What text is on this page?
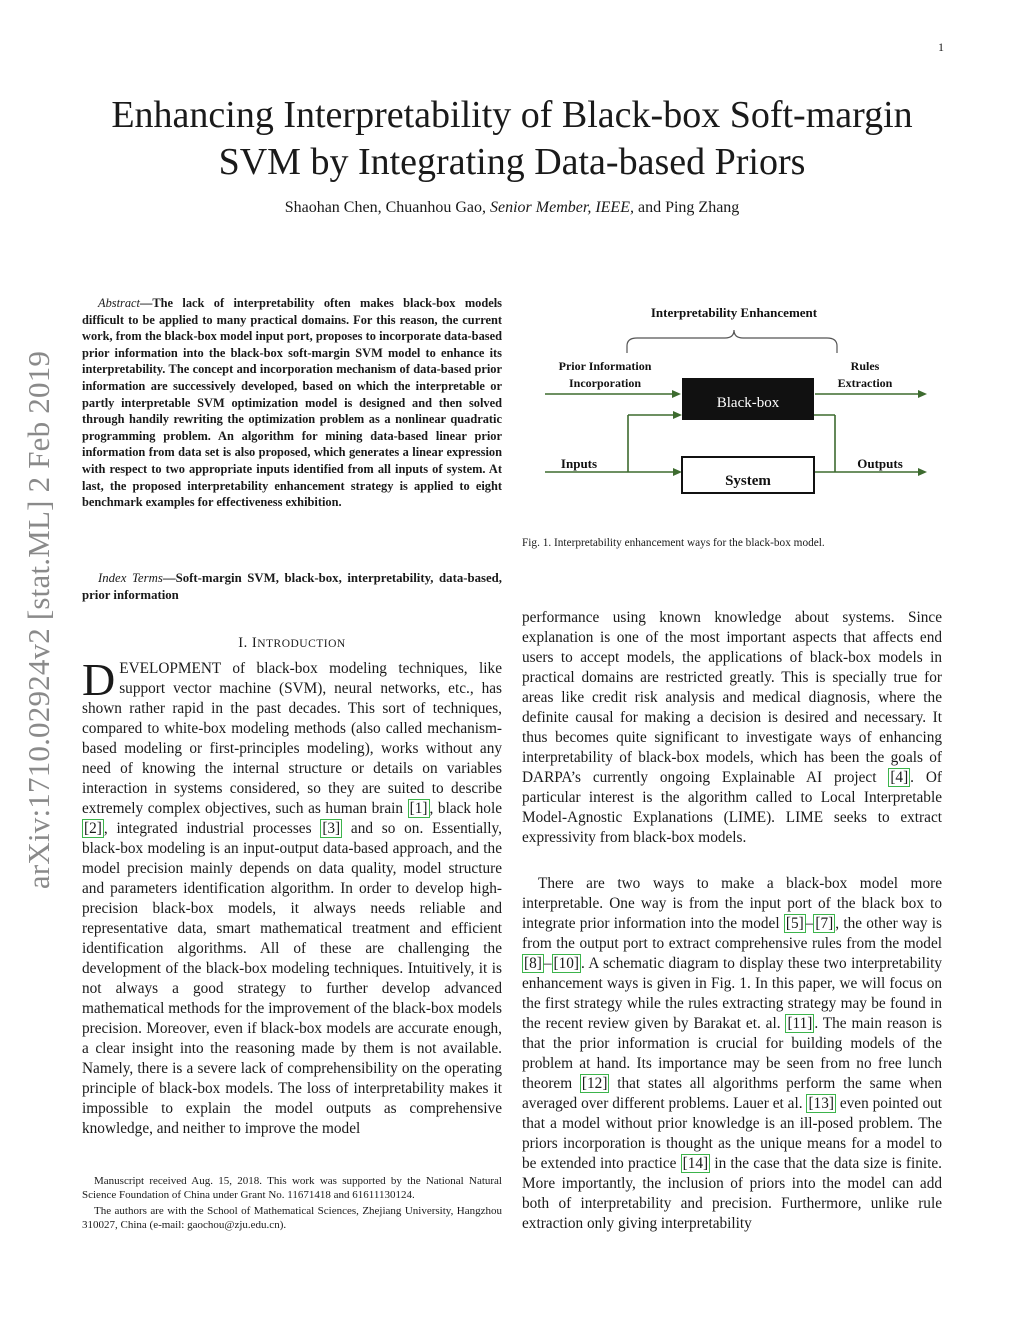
1
arXiv:1710.02924v2 [stat.ML] 2 Feb 2019
Enhancing Interpretability of Black-box Soft-margin
SVM by Integrating Data-based Priors
Shaohan Chen, Chuanhou Gao, Senior Member, IEEE, and Ping Zhang

Abstract—The lack of interpretability often makes black-box models difficult to be applied to many practical domains. For this reason, the current work, from the black-box model input port, proposes to incorporate data-based prior information into the black-box soft-margin SVM model to enhance its interpretability. The concept and incorporation mechanism of data-based prior information are successively developed, based on which the interpretable or partly interpretable SVM optimization model is designed and then solved through handily rewriting the optimization problem as a nonlinear quadratic programming problem. An algorithm for mining data-based linear prior information from data set is also proposed, which generates a linear expression with respect to two appropriate inputs identified from all inputs of system. At last, the proposed interpretability enhancement strategy is applied to eight benchmark examples for effectiveness exhibition.

Index Terms—Soft-margin SVM, black-box, interpretability, data-based, prior information

I. INTRODUCTION
DEVELOPMENT of black-box modeling techniques, like support vector machine (SVM), neural networks, etc., has shown rather rapid in the past decades. This sort of techniques, compared to white-box modeling methods (also called mechanism-based modeling or first-principles modeling), works without any need of knowing the internal structure or details on variables interaction in systems considered, so they are suited to describe extremely complex objectives, such as human brain [1] , black hole [2] , integrated industrial processes [3] and so on. Essentially, black-box modeling is an input-output data-based approach, and the model precision mainly depends on data quality, model structure and parameters identification algorithm. In order to develop high-precision black-box models, it always needs reliable and representative data, smart mathematical treatment and efficient identification algorithms. All of these are challenging the development of the black-box modeling techniques. Intuitively, it is not always a good strategy to further develop advanced mathematical methods for the improvement of the black-box models precision. Moreover, even if black-box models are accurate enough, a clear insight into the reasoning made by them is not available. Namely, there is a severe lack of comprehensibility on the operating principle of black-box models. The loss of interpretability makes it impossible to explain the model outputs as comprehensive knowledge, and neither to improve the model

Manuscript received Aug. 15, 2018. This work was supported by the National Natural Science Foundation of China under Grant No. 11671418 and 61611130124.

The authors are with the School of Mathematical Sciences, Zhejiang University, Hangzhou 310027, China (e-mail: gaochou@zju.edu.cn).

Interpretability Enhancement
Prior Information
Incorporation
Rules
Extraction
Black-box
System
Inputs	Outputs
Fig. 1. Interpretability enhancement ways for the black-box model.
performance using known knowledge about systems. Since explanation is one of the most important aspects that affects end users to accept models, the applications of black-box models in practical domains are restricted greatly. This is specially true for areas like credit risk analysis and medical diagnosis, where the definite causal for making a decision is desired and necessary. It thus becomes quite significant to investigate ways of enhancing interpretability of black-box models, which has been the goals of DARPA’s currently ongoing Explainable AI project [4] . Of particular interest is the algorithm called to Local Interpretable Model-Agnostic Explanations (LIME). LIME seeks to extract expressivity from black-box models.

There are two ways to make a black-box model more interpretable. One way is from the input port of the black box to integrate prior information into the model [5] – [7] , the other way is from the output port to extract comprehensive rules from the model [8] – [10] . A schematic diagram to display these two interpretability enhancement ways is given in Fig. 1. In this paper, we will focus on the first strategy while the rules extracting strategy may be found in the recent review given by Barakat et. al. [11] . The main reason is that the prior information is crucial for building models of the problem at hand. Its importance may be seen from no free lunch theorem [12] that states all algorithms perform the same when averaged over different problems. Lauer et al. [13] even pointed out that a model without prior knowledge is an ill-posed problem. The priors incorporation is thought as the unique means for a model to be extended into practice [14] in the case that the data size is finite. More importantly, the inclusion of priors into the model can add both of interpretability and precision. Furthermore, unlike rule extraction only giving interpretability
